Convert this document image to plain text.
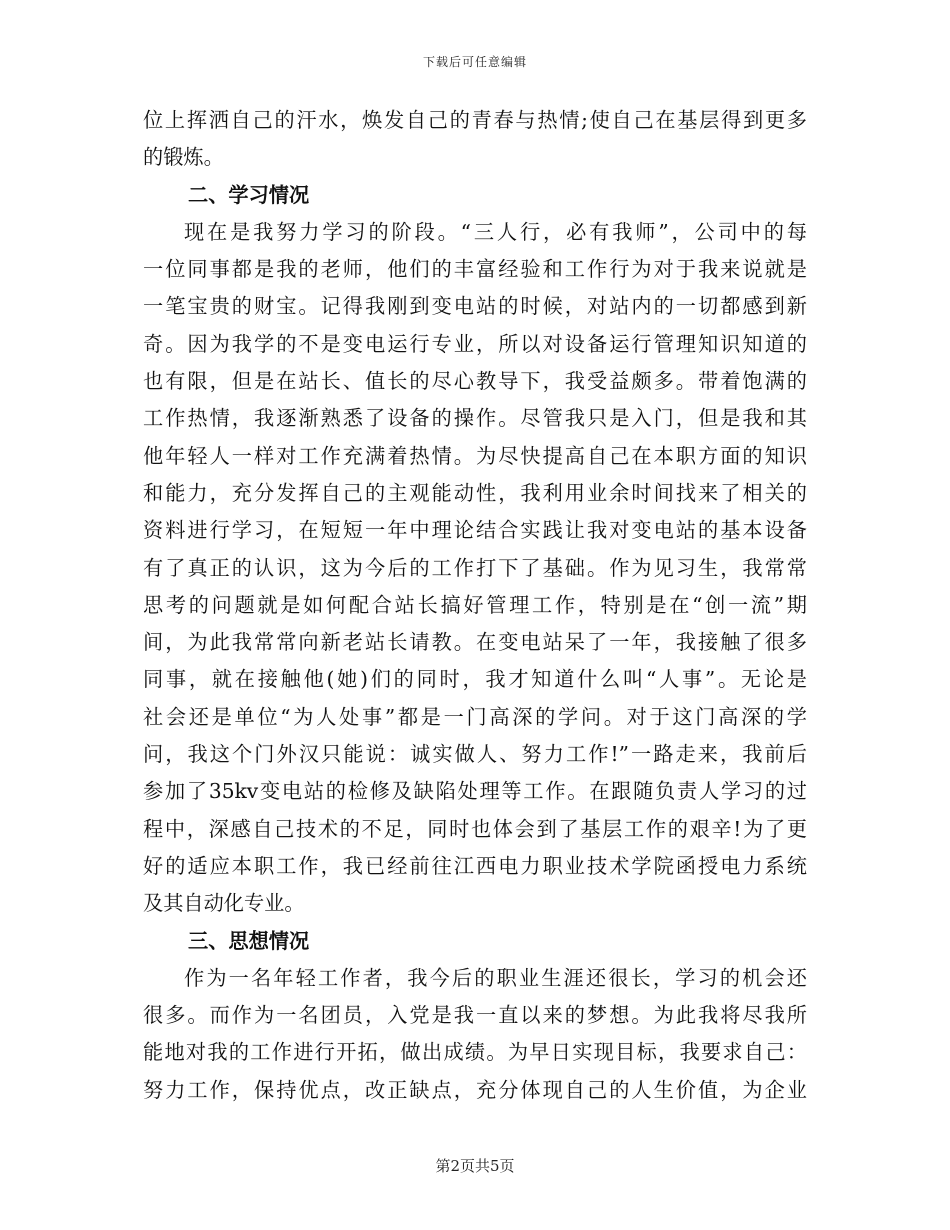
下载后可任意编辑
位上挥洒自己的汗水，焕发自己的青春与热情;使自己在基层得到更多
的锻炼。
二、学习情况
现在是我努力学习的阶段。“三人行，必有我师”，公司中的每
一位同事都是我的老师，他们的丰富经验和工作行为对于我来说就是
一笔宝贵的财宝。记得我刚到变电站的时候，对站内的一切都感到新
奇。因为我学的不是变电运行专业，所以对设备运行管理知识知道的
也有限，但是在站长、值长的尽心教导下，我受益颇多。带着饱满的
工作热情，我逐渐熟悉了设备的操作。尽管我只是入门，但是我和其
他年轻人一样对工作充满着热情。为尽快提高自己在本职方面的知识
和能力，充分发挥自己的主观能动性，我利用业余时间找来了相关的
资料进行学习，在短短一年中理论结合实践让我对变电站的基本设备
有了真正的认识，这为今后的工作打下了基础。作为见习生，我常常
思考的问题就是如何配合站长搞好管理工作，特别是在“创一流”期
间，为此我常常向新老站长请教。在变电站呆了一年，我接触了很多
同事，就在接触他(她)们的同时，我才知道什么叫“人事”。无论是
社会还是单位“为人处事”都是一门高深的学问。对于这门高深的学
问，我这个门外汉只能说：诚实做人、努力工作!”一路走来，我前后
参加了35kv变电站的检修及缺陷处理等工作。在跟随负责人学习的过
程中，深感自己技术的不足，同时也体会到了基层工作的艰辛!为了更
好的适应本职工作，我已经前往江西电力职业技术学院函授电力系统
及其自动化专业。
三、思想情况
作为一名年轻工作者，我今后的职业生涯还很长，学习的机会还
很多。而作为一名团员，入党是我一直以来的梦想。为此我将尽我所
能地对我的工作进行开拓，做出成绩。为早日实现目标，我要求自己：
努力工作，保持优点，改正缺点，充分体现自己的人生价值，为企业
第2页共5页
